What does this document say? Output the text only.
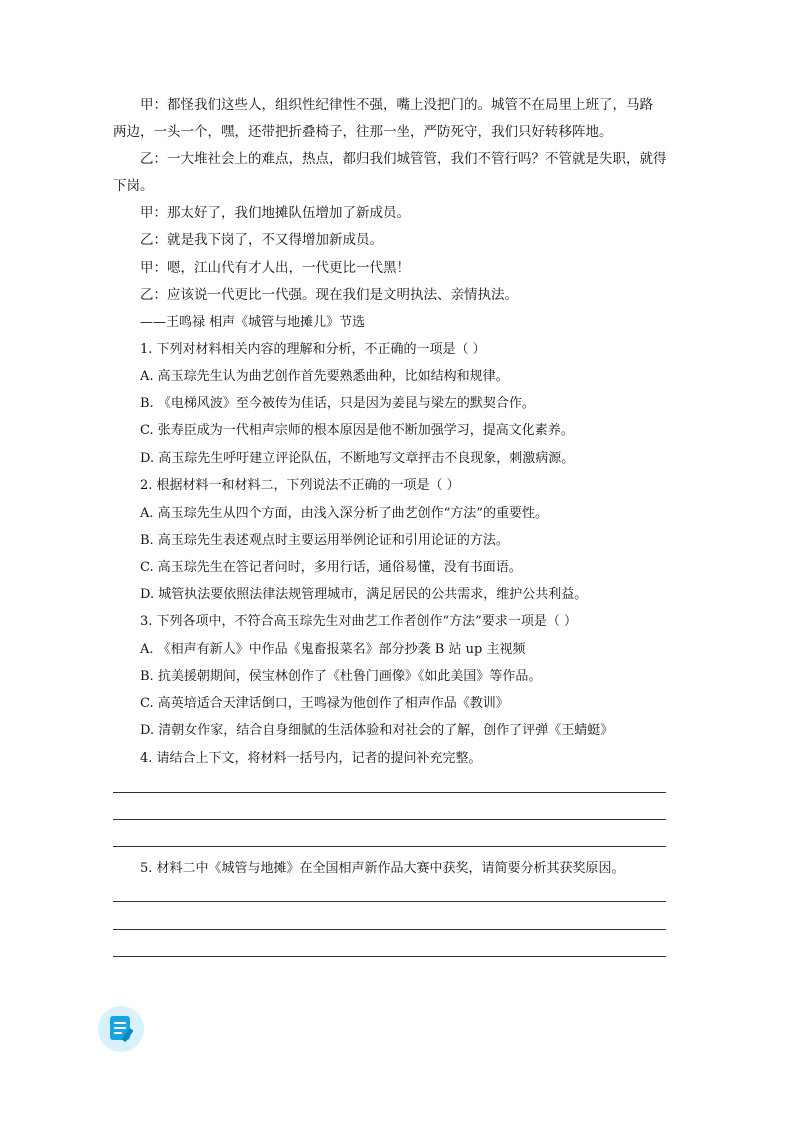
甲：都怪我们这些人，组织性纪律性不强，嘴上没把门的。城管不在局里上班了，马路
两边，一头一个，嘿，还带把折叠椅子，往那一坐，严防死守，我们只好转移阵地。
乙：一大堆社会上的难点，热点，都归我们城管管，我们不管行吗？不管就是失职，就得
下岗。
甲：那太好了，我们地摊队伍增加了新成员。
乙：就是我下岗了，不又得增加新成员。
甲：嗯，江山代有才人出，一代更比一代黑！
乙：应该说一代更比一代强。现在我们是文明执法、亲情执法。
——王鸣禄 相声《城管与地摊儿》节选
1. 下列对材料相关内容的理解和分析，不正确的一项是（ ）
A. 高玉琮先生认为曲艺创作首先要熟悉曲种，比如结构和规律。
B. 《电梯风波》至今被传为佳话，只是因为姜昆与梁左的默契合作。
C. 张寿臣成为一代相声宗师的根本原因是他不断加强学习，提高文化素养。
D. 高玉琮先生呼吁建立评论队伍，不断地写文章抨击不良现象，刺激病源。
2. 根据材料一和材料二，下列说法不正确的一项是（ ）
A. 高玉琮先生从四个方面，由浅入深分析了曲艺创作“方法”的重要性。
B. 高玉琮先生表述观点时主要运用举例论证和引用论证的方法。
C. 高玉琮先生在答记者问时，多用行话，通俗易懂，没有书面语。
D. 城管执法要依照法律法规管理城市，满足居民的公共需求，维护公共利益。
3. 下列各项中，不符合高玉琮先生对曲艺工作者创作“方法”要求一项是（ ）
A. 《相声有新人》中作品《鬼畜报菜名》部分抄袭 B 站 up 主视频
B. 抗美援朝期间，侯宝林创作了《杜鲁门画像》《如此美国》等作品。
C. 高英培适合天津话倒口，王鸣禄为他创作了相声作品《教训》
D. 清朝女作家，结合自身细腻的生活体验和对社会的了解，创作了评弹《王蜻蜓》
4. 请结合上下文，将材料一括号内，记者的提问补充完整。
5. 材料二中《城管与地摊》在全国相声新作品大赛中获奖，请简要分析其获奖原因。
